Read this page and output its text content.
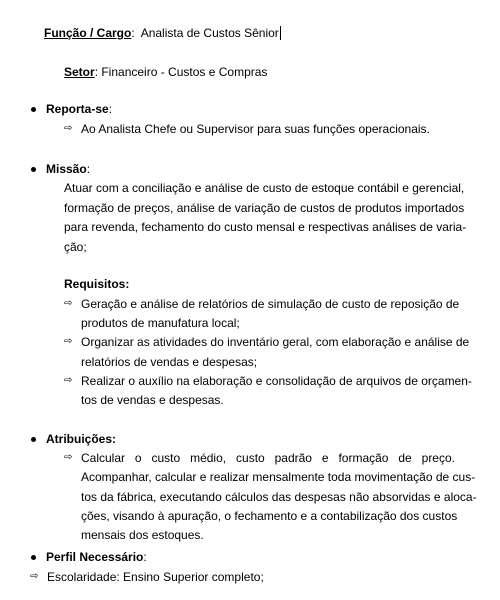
Função / Cargo: Analista de Custos Sênior
Setor: Financeiro - Custos e Compras
Reporta-se:
⇨ Ao Analista Chefe ou Supervisor para suas funções operacionais.
Missão:
Atuar com a conciliação e análise de custo de estoque contábil e gerencial,
formação de preços, análise de variação de custos de produtos importados
para revenda, fechamento do custo mensal e respectivas análises de varia-
ção;
Requisitos:
⇨ Geração e análise de relatórios de simulação de custo de reposição de
produtos de manufatura local;
⇨ Organizar as atividades do inventário geral, com elaboração e análise de
relatórios de vendas e despesas;
⇨ Realizar o auxílio na elaboração e consolidação de arquivos de orçamen-
tos de vendas e despesas.
Atribuições:
⇨ Calcular o custo médio, custo padrão e formação de preço.
Acompanhar, calcular e realizar mensalmente toda movimentação de cus-
tos da fábrica, executando cálculos das despesas não absorvidas e aloca-
ções, visando à apuração, o fechamento e a contabilização dos custos
mensais dos estoques.
Perfil Necessário:
⇨ Escolaridade: Ensino Superior completo;
